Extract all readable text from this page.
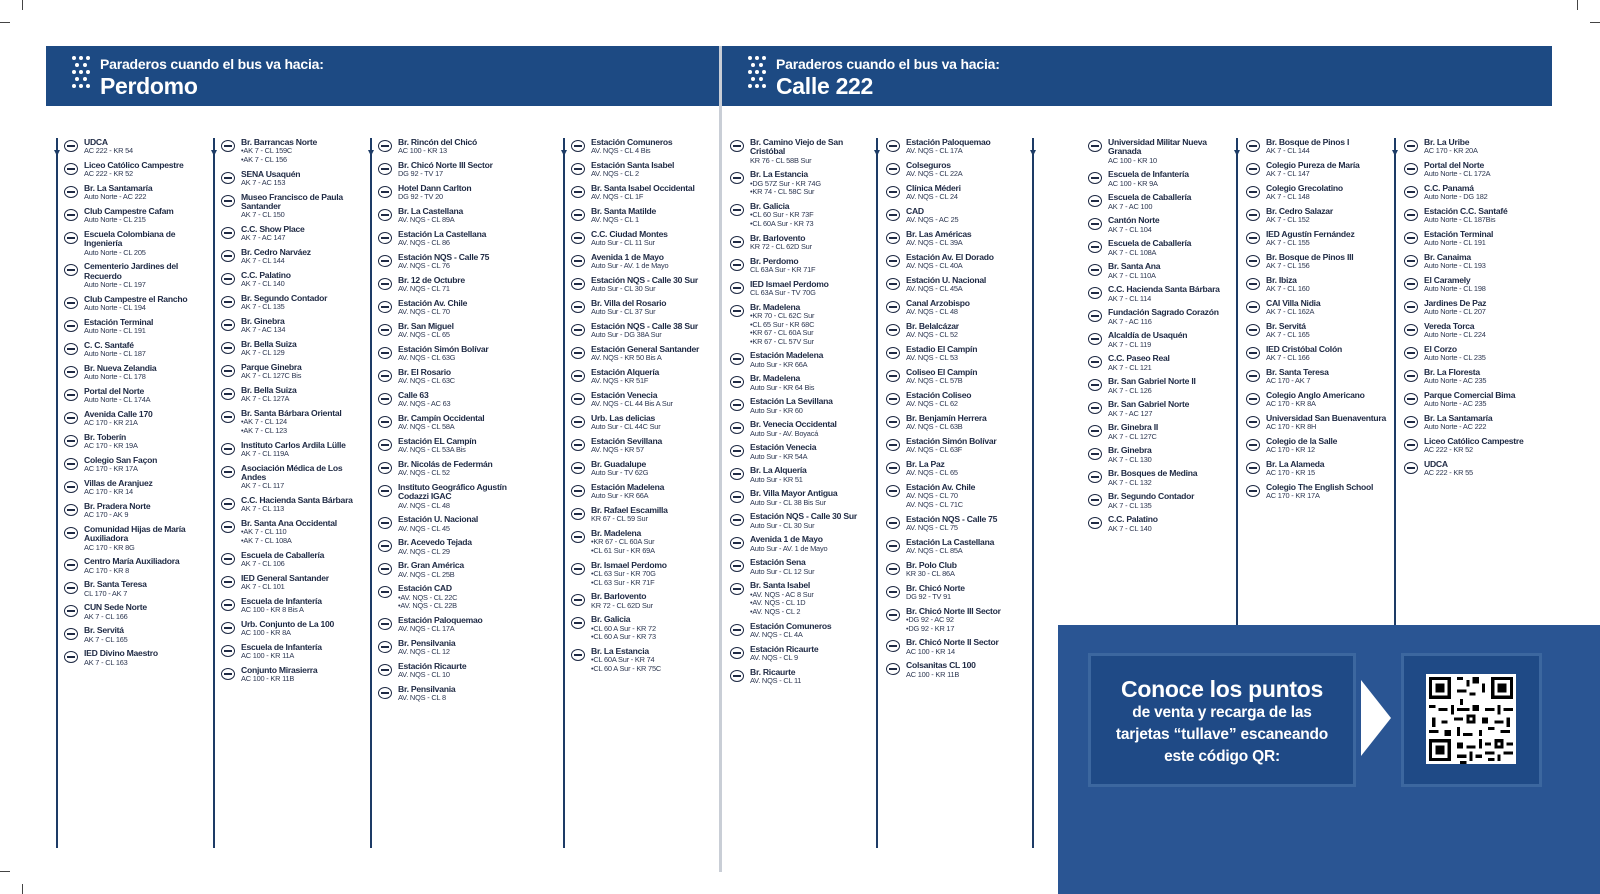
Paraderos cuando el bus va hacia:
Perdomo
Paraderos cuando el bus va hacia:
Calle 222
UDCA
AC 222 - KR 54
Liceo Católico Campestre
AC 222 - KR 52
Br. La Santamaría
Auto Norte - AC 222
Club Campestre Cafam
Auto Norte - CL 215
Escuela Colombiana de Ingeniería
Auto Norte - CL 205
Cementerio Jardines del Recuerdo
Auto Norte - CL 197
Club Campestre el Rancho
Auto Norte - CL 194
Estación Terminal
Auto Norte - CL 191
C. C. Santafé
Auto Norte - CL 187
Br. Nueva Zelandia
Auto Norte - CL 178
Portal del Norte
Auto Norte - CL 174A
Avenida Calle 170
AC 170 - KR 21A
Br. Toberín
AC 170 - KR 19A
Colegio San Façon
AC 170 - KR 17A
Villas de Aranjuez
AC 170 - KR 14
Br. Pradera Norte
AC 170 - AK 9
Comunidad Hijas de María Auxiliadora
AC 170 - KR 8G
Centro María Auxiliadora
AC 170 - KR 8
Br. Santa Teresa
CL 170 - AK 7
CUN Sede Norte
AK 7 - CL 166
Br. Servitá
AK 7 - CL 165
IED Divino Maestro
AK 7 - CL 163
Br. Barrancas Norte
•AK 7 - CL 159C
•AK 7 - CL 156
SENA Usaquén
AK 7 - AC 153
Museo Francisco de Paula Santander
AK 7 - CL 150
C.C. Show Place
AK 7 - AC 147
Br. Cedro Narváez
AK 7 - CL 144
C.C. Palatino
AK 7 - CL 140
Br. Segundo Contador
AK 7 - CL 135
Br. Ginebra
AK 7 - AC 134
Br. Bella Suiza
AK 7 - CL 129
Parque Ginebra
AK 7 - CL 127C Bis
Br. Bella Suiza
AK 7 - CL 127A
Br. Santa Bárbara Oriental
•AK 7 - CL 124
•AK 7 - CL 123
Instituto Carlos Ardila Lülle
AK 7 - CL 119A
Asociación Médica de Los Andes
AK 7 - CL 117
C.C. Hacienda Santa Bárbara
AK 7 - CL 113
Br. Santa Ana Occidental
•AK 7 - CL 110
•AK 7 - CL 108A
Escuela de Caballería
AK 7 - CL 106
IED General Santander
AK 7 - CL 101
Escuela de Infantería
AC 100 - KR 8 Bis A
Urb. Conjunto de La 100
AC 100 - KR 8A
Escuela de Infantería
AC 100 - KR 11A
Conjunto Mirasierra
AC 100 - KR 11B
Br. Rincón del Chicó
AC 100 - KR 13
Br. Chicó Norte III Sector
DG 92 - TV 17
Hotel Dann Carlton
DG 92 - TV 20
Br. La Castellana
AV. NQS - CL 89A
Estación La Castellana
AV. NQS - CL 86
Estación NQS - Calle 75
AV. NQS - CL 76
Br. 12 de Octubre
AV. NQS - CL 71
Estación Av. Chile
AV. NQS - CL 70
Br. San Miguel
AV. NQS - CL 65
Estación Simón Bolívar
AV. NQS - CL 63G
Br. El Rosario
AV. NQS - CL 63C
Calle 63
AV. NQS - AC 63
Br. Campín Occidental
AV. NQS - CL 58A
Estación EL Campín
AV. NQS - CL 53A Bis
Br. Nicolás de Federmán
AV. NQS - CL 52
Instituto Geográfico Agustín Codazzi IGAC
AV. NQS - CL 48
Estación U. Nacional
AV. NQS - CL 45
Br. Acevedo Tejada
AV. NQS - CL 29
Br. Gran América
AV. NQS - CL 25B
Estación CAD
•AV. NQS - CL 22C
•AV. NQS - CL 22B
Estación Paloquemao
AV. NQS - CL 17A
Br. Pensilvania
AV. NQS - CL 12
Estación Ricaurte
AV. NQS - CL 10
Br. Pensilvania
AV. NQS - CL 8
Estación Comuneros
AV. NQS - CL 4 Bis
Estación Santa Isabel
AV. NQS - CL 2
Br. Santa Isabel Occidental
AV. NQS - CL 1F
Br. Santa Matilde
AV. NQS - CL 1
C.C. Ciudad Montes
Auto Sur - CL 11 Sur
Avenida 1 de Mayo
Auto Sur - AV. 1 de Mayo
Estación NQS - Calle 30 Sur
Auto Sur - CL 30 Sur
Br. Villa del Rosario
Auto Sur - CL 37 Sur
Estación NQS - Calle 38 Sur
Auto Sur - DG 38A Sur
Estación General Santander
AV. NQS - KR 50 Bis A
Estación Alquería
AV. NQS - KR 51F
Estación Venecia
AV. NQS - CL 44 Bis A Sur
Urb. Las delicias
Auto Sur - CL 44C Sur
Estación Sevillana
AV. NQS - KR 57
Br. Guadalupe
Auto Sur - TV 62G
Estación Madelena
Auto Sur - KR 66A
Br. Rafael Escamilla
KR 67 - CL 59 Sur
Br. Madelena
•KR 67 - CL 60A Sur
•CL 61 Sur - KR 69A
Br. Ismael Perdomo
•CL 63 Sur - KR 70G
•CL 63 Sur - KR 71F
Br. Barlovento
KR 72 - CL 62D Sur
Br. Galicia
•CL 60 A Sur - KR 72
•CL 60 A Sur - KR 73
Br. La Estancia
•CL 60A Sur - KR 74
•CL 60 A Sur - KR 75C
Br. Camino Viejo de San Cristóbal
KR 76 - CL 58B Sur
Br. La Estancia
•DG 57Z Sur - KR 74G
•KR 74 - CL 58C Sur
Br. Galicia
•CL 60 Sur - KR 73F
•CL 60A Sur - KR 73
Br. Barlovento
KR 72 - CL 62D Sur
Br. Perdomo
CL 63A Sur - KR 71F
IED Ismael Perdomo
CL 63A Sur - TV 70G
Br. Madelena
•KR 70 - CL 62C Sur
•CL 65 Sur - KR 68C
•KR 67 - CL 60A Sur
•KR 67 - CL 57V Sur
Estación Madelena
Auto Sur - KR 66A
Br. Madelena
Auto Sur - KR 64 Bis
Estación La Sevillana
Auto Sur - KR 60
Br. Venecia Occidental
Auto Sur - AV. Boyacá
Estación Venecia
Auto Sur - KR 54A
Br. La Alquería
Auto Sur - KR 51
Br. Villa Mayor Antigua
Auto Sur - CL 38 Bis Sur
Estación NQS - Calle 30 Sur
Auto Sur - CL 30 Sur
Avenida 1 de Mayo
Auto Sur - AV. 1 de Mayo
Estación Sena
Auto Sur - CL 12 Sur
Br. Santa Isabel
•AV. NQS - AC 8 Sur
•AV. NQS - CL 1D
•AV. NQS - CL 2
Estación Comuneros
AV. NQS - CL 4A
Estación Ricaurte
AV. NQS - CL 9
Br. Ricaurte
AV. NQS - CL 11
Estación Paloquemao
AV. NQS - CL 17A
Colseguros
AV. NQS - CL 22A
Clínica Méderi
AV. NQS - CL 24
CAD
AV. NQS - AC 25
Br. Las Américas
AV. NQS - CL 39A
Estación Av. El Dorado
AV. NQS - CL 40A
Estación U. Nacional
AV. NQS - CL 45A
Canal Arzobispo
AV. NQS - CL 48
Br. Belalcázar
AV. NQS - CL 52
Estadio El Campín
AV. NQS - CL 53
Coliseo El Campín
AV. NQS - CL 57B
Estación Coliseo
AV. NQS - CL 62
Br. Benjamín Herrera
AV. NQS - CL 63B
Estación Simón Bolívar
AV. NQS - CL 63F
Br. La Paz
AV. NQS - CL 65
Estación Av. Chile
AV. NQS - CL 70
AV. NQS - CL 71C
Estación NQS - Calle 75
AV. NQS - CL 75
Estación La Castellana
AV. NQS - CL 85A
Br. Polo Club
KR 30 - CL 86A
Br. Chicó Norte
DG 92 - TV 91
Br. Chicó Norte III Sector
•DG 92 - AC 92
•DG 92 - KR 17
Br. Chicó Norte II Sector
AC 100 - KR 14
Colsanitas CL 100
AC 100 - KR 11B
Universidad Militar Nueva Granada
AC 100 - KR 10
Escuela de Infantería
AC 100 - KR 9A
Escuela de Caballería
AK 7 - AC 100
Cantón Norte
AK 7 - CL 104
Escuela de Caballería
AK 7 - CL 108A
Br. Santa Ana
AK 7 - CL 110A
C.C. Hacienda Santa Bárbara
AK 7 - CL 114
Fundación Sagrado Corazón
AK 7 - AC 116
Alcaldía de Usaquén
AK 7 - CL 119
C.C. Paseo Real
AK 7 - CL 121
Br. San Gabriel Norte II
AK 7 - CL 126
Br. San Gabriel Norte
AK 7 - AC 127
Br. Ginebra II
AK 7 - CL 127C
Br. Ginebra
AK 7 - CL 130
Br. Bosques de Medina
AK 7 - CL 132
Br. Segundo Contador
AK 7 - CL 135
C.C. Palatino
AK 7 - CL 140
Br. Bosque de Pinos I
AK 7 - CL 144
Colegio Pureza de María
AK 7 - CL 147
Colegio Grecolatino
AK 7 - CL 148
Br. Cedro Salazar
AK 7 - CL 152
IED Agustín Fernández
AK 7 - CL 155
Br. Bosque de Pinos III
AK 7 - CL 156
Br. Ibiza
AK 7 - CL 160
CAI Villa Nidia
AK 7 - CL 162A
Br. Servitá
AK 7 - CL 165
IED Cristóbal Colón
AK 7 - CL 166
Br. Santa Teresa
AC 170 - AK 7
Colegio Anglo Americano
AC 170 - KR 8A
Universidad San Buenaventura
AC 170 - KR 8H
Colegio de la Salle
AC 170 - KR 12
Br. La Alameda
AC 170 - KR 15
Colegio The English School
AC 170 - KR 17A
Br. La Uribe
AC 170 - KR 20A
Portal del Norte
Auto Norte - CL 172A
C.C. Panamá
Auto Norte - DG 182
Estación C.C. Santafé
Auto Norte - CL 187Bis
Estación Terminal
Auto Norte - CL 191
Br. Canaima
Auto Norte - CL 193
El Caramely
Auto Norte - CL 198
Jardines De Paz
Auto Norte - CL 207
Vereda Torca
Auto Norte - CL 224
El Corzo
Auto Norte - CL 235
Br. La Floresta
Auto Norte - AC 235
Parque Comercial Bima
Auto Norte - AC 235
Br. La Santamaría
Auto Norte - AC 222
Liceo Católico Campestre
AC 222 - KR 52
UDCA
AC 222 - KR 55
Conoce los puntos
de venta y recarga de las
tarjetas “tullave” escaneando
este código QR:
